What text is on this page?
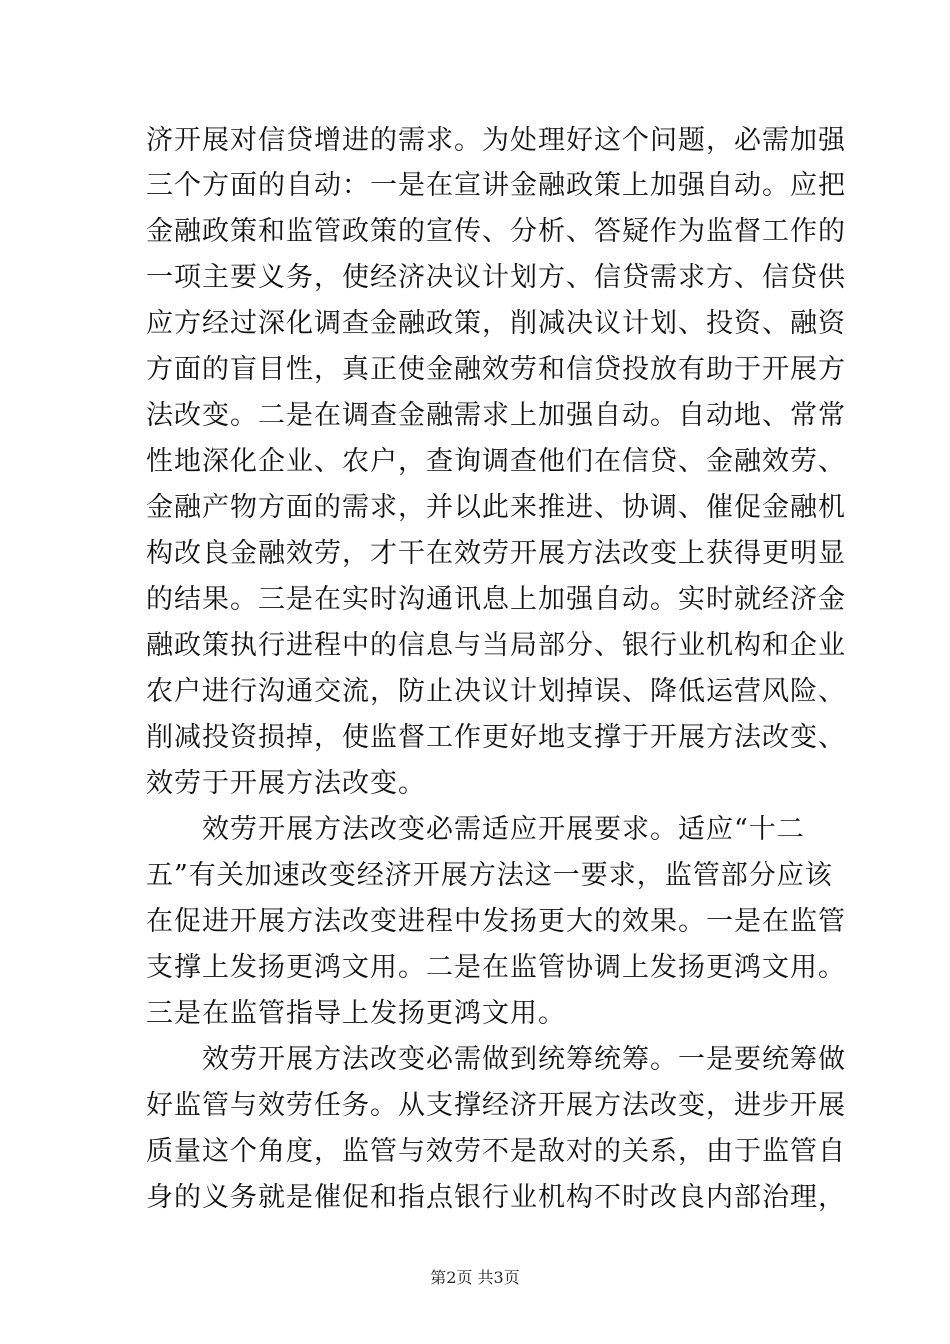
济开展对信贷增进的需求。为处理好这个问题，必需加强
三个方面的自动：一是在宣讲金融政策上加强自动。应把
金融政策和监管政策的宣传、分析、答疑作为监督工作的
一项主要义务，使经济决议计划方、信贷需求方、信贷供
应方经过深化调查金融政策，削减决议计划、投资、融资
方面的盲目性，真正使金融效劳和信贷投放有助于开展方
法改变。二是在调查金融需求上加强自动。自动地、常常
性地深化企业、农户，查询调查他们在信贷、金融效劳、
金融产物方面的需求，并以此来推进、协调、催促金融机
构改良金融效劳，才干在效劳开展方法改变上获得更明显
的结果。三是在实时沟通讯息上加强自动。实时就经济金
融政策执行进程中的信息与当局部分、银行业机构和企业
农户进行沟通交流，防止决议计划掉误、降低运营风险、
削减投资损掉，使监督工作更好地支撑于开展方法改变、
效劳于开展方法改变。
　　效劳开展方法改变必需适应开展要求。适应“十二
五”有关加速改变经济开展方法这一要求，监管部分应该
在促进开展方法改变进程中发扬更大的效果。一是在监管
支撑上发扬更鸿文用。二是在监管协调上发扬更鸿文用。
三是在监管指导上发扬更鸿文用。
　　效劳开展方法改变必需做到统筹统筹。一是要统筹做
好监管与效劳任务。从支撑经济开展方法改变，进步开展
质量这个角度，监管与效劳不是敌对的关系，由于监管自
身的义务就是催促和指点银行业机构不时改良内部治理，
第2页 共3页
